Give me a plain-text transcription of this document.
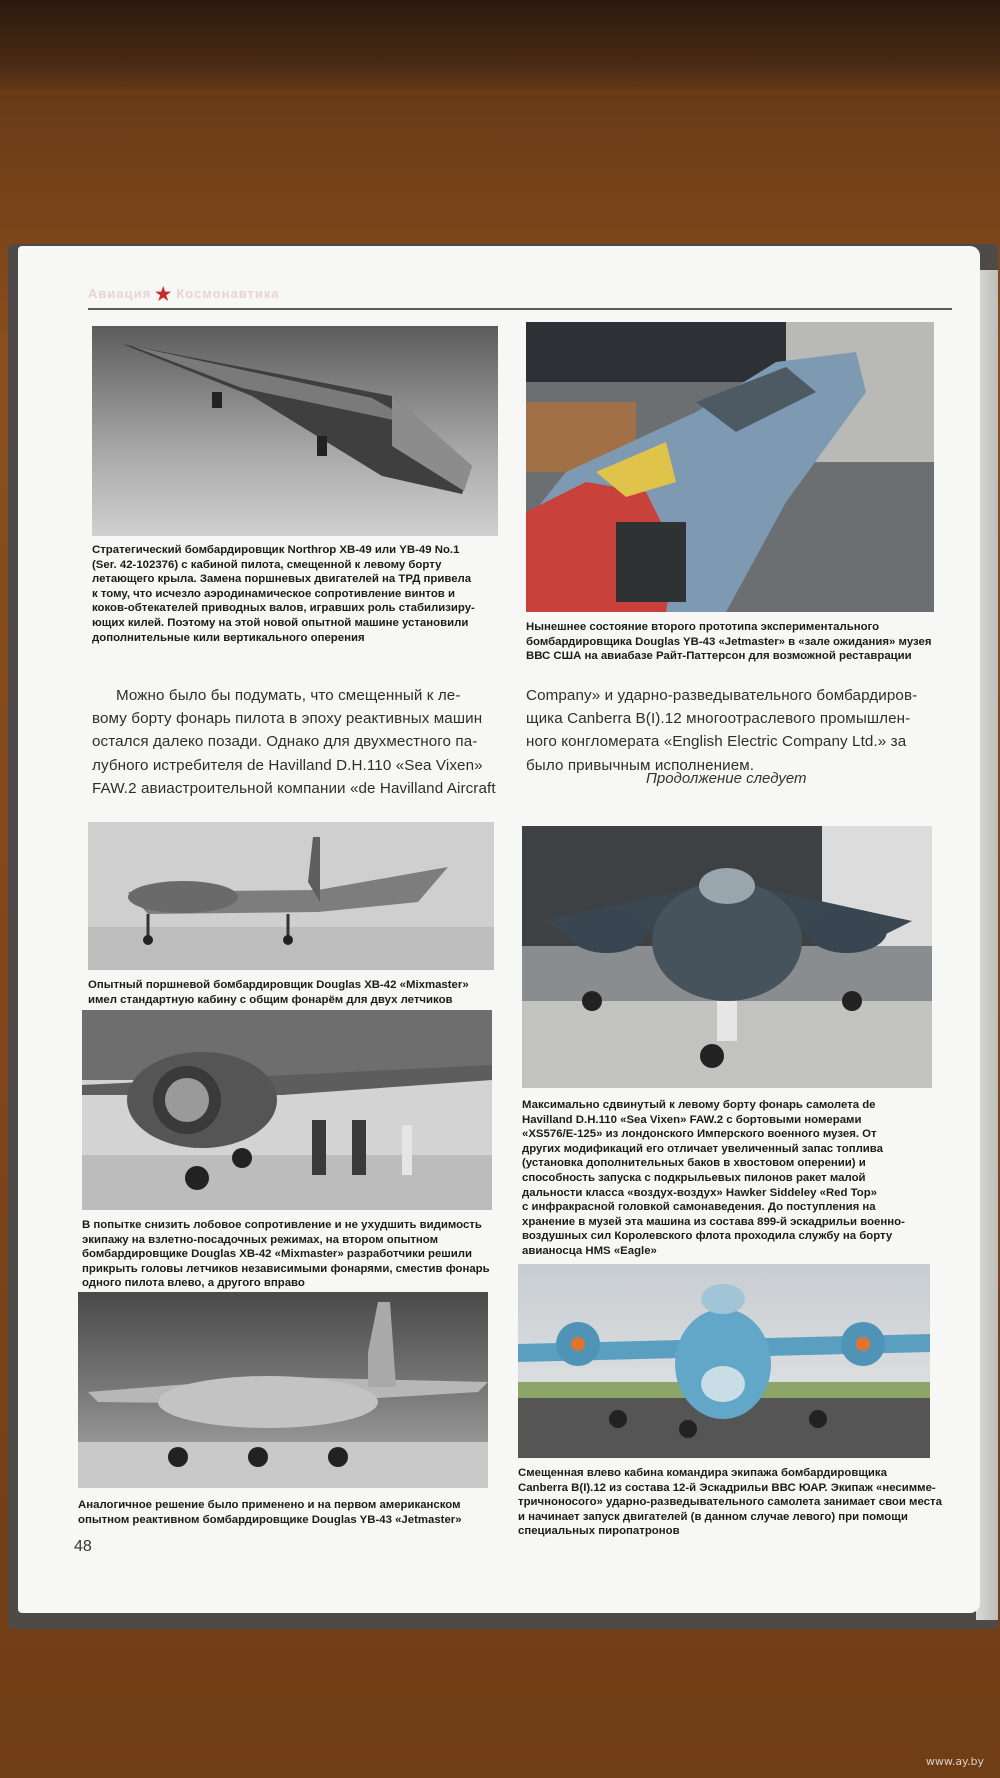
Авиация ★ Космонавтика
Стратегический бомбардировщик Northrop XB-49 или YB-49 No.1
(Ser. 42-102376) с кабиной пилота, смещенной к левому борту
летающего крыла. Замена поршневых двигателей на ТРД привела
к тому, что исчезло аэродинамическое сопротивление винтов и
коков-обтекателей приводных валов, игравших роль стабилизиру-
ющих килей. Поэтому на этой новой опытной машине установили
дополнительные кили вертикального оперения
Нынешнее состояние второго прототипа экспериментального
бомбардировщика Douglas YB-43 «Jetmaster» в «зале ожидания» музея
ВВС США на авиабазе Райт-Паттерсон для возможной реставрации
Можно было бы подумать, что смещенный к ле-
вому борту фонарь пилота в эпоху реактивных машин
остался далеко позади. Однако для двухместного па-
лубного истребителя de Havilland D.H.110 «Sea Vixen»
FAW.2 авиастроительной компании «de Havilland Aircraft
Company» и ударно-разведывательного бомбардиров-
щика Canberra B(I).12 многоотраслевого промышлен-
ного конгломерата «English Electric Company Ltd.» за
было привычным исполнением.
Продолжение следует
Опытный поршневой бомбардировщик Douglas XB-42 «Mixmaster»
имел стандартную кабину с общим фонарём для двух летчиков
В попытке снизить лобовое сопротивление и не ухудшить видимость
экипажу на взлетно-посадочных режимах, на втором опытном
бомбардировщике Douglas XB-42 «Mixmaster» разработчики решили
прикрыть головы летчиков независимыми фонарями, сместив фонарь
одного пилота влево, а другого вправо
Аналогичное решение было применено и на первом американском
опытном реактивном бомбардировщике Douglas YB-43 «Jetmaster»
Максимально сдвинутый к левому борту фонарь самолета de
Havilland D.H.110 «Sea Vixen» FAW.2 с бортовыми номерами
«XS576/E-125» из лондонского Имперского военного музея. От
других модификаций его отличает увеличенный запас топлива
(установка дополнительных баков в хвостовом оперении) и
способность запуска с подкрыльевых пилонов ракет малой
дальности класса «воздух-воздух» Hawker Siddeley «Red Top»
с инфракрасной головкой самонаведения. До поступления на
хранение в музей эта машина из состава 899-й эскадрильи военно-
воздушных сил Королевского флота проходила службу на борту
авианосца HMS «Eagle»
Смещенная влево кабина командира экипажа бомбардировщика
Canberra B(I).12 из состава 12-й Эскадрильи ВВС ЮАР. Экипаж «несимме-
тричноносого» ударно-разведывательного самолета занимает свои места
и начинает запуск двигателей (в данном случае левого) при помощи
специальных пиропатронов
48
www.ay.by
